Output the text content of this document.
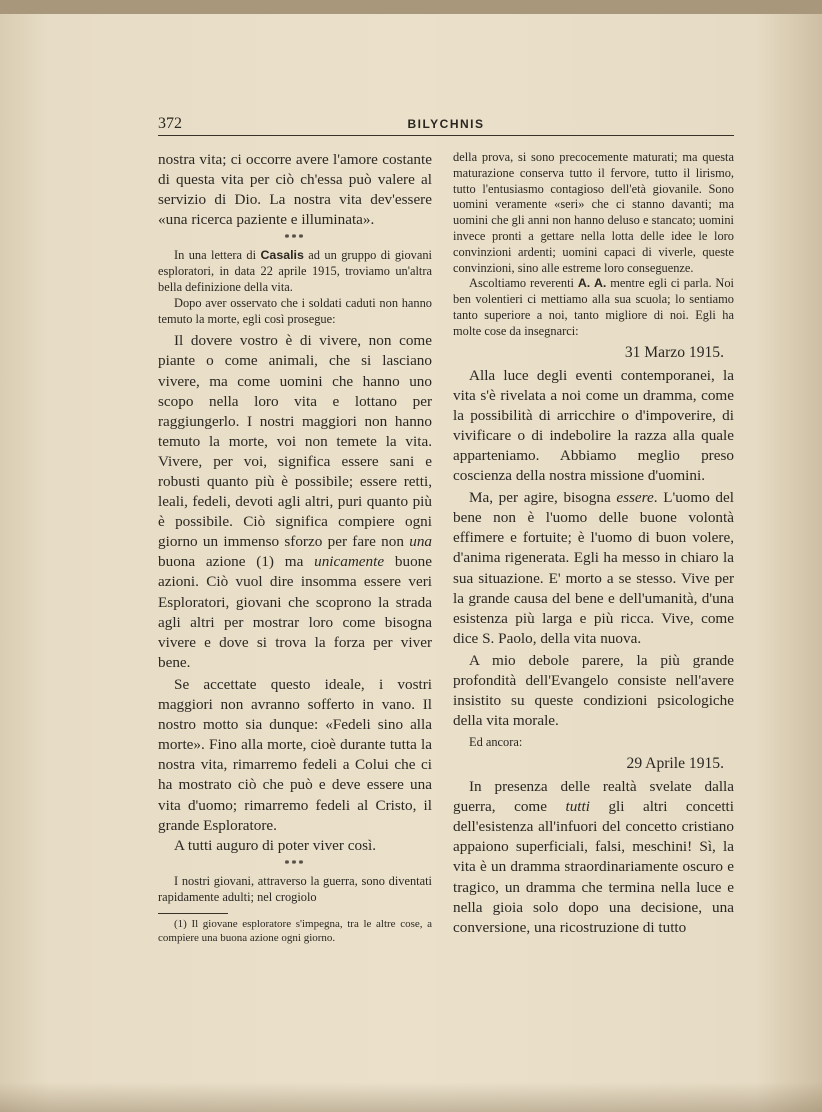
372	BILYCHNIS

nostra vita; ci occorre avere l'amore costante di questa vita per ciò ch'essa può valere al servizio di Dio. La nostra vita dev'essere «una ricerca paziente e illuminata».

***

In una lettera di Casalis ad un gruppo di giovani esploratori, in data 22 aprile 1915, troviamo un'altra bella definizione della vita.

Dopo aver osservato che i soldati caduti non hanno temuto la morte, egli così prosegue:

Il dovere vostro è di vivere, non come piante o come animali, che si lasciano vivere, ma come uomini che hanno uno scopo nella loro vita e lottano per raggiungerlo. I nostri maggiori non hanno temuto la morte, voi non temete la vita. Vivere, per voi, significa essere sani e robusti quanto più è possibile; essere retti, leali, fedeli, devoti agli altri, puri quanto più è possibile. Ciò significa compiere ogni giorno un immenso sforzo per fare non una buona azione (1) ma unicamente buone azioni. Ciò vuol dire insomma essere veri Esploratori, giovani che scoprono la strada agli altri per mostrar loro come bisogna vivere e dove si trova la forza per viver bene.

Se accettate questo ideale, i vostri maggiori non avranno sofferto in vano. Il nostro motto sia dunque: «Fedeli sino alla morte». Fino alla morte, cioè durante tutta la nostra vita, rimarremo fedeli a Colui che ci ha mostrato ciò che può e deve essere una vita d'uomo; rimarremo fedeli al Cristo, il grande Esploratore.

A tutti auguro di poter viver così.

***

I nostri giovani, attraverso la guerra, sono diventati rapidamente adulti; nel crogiolo

(1) Il giovane esploratore s'impegna, tra le altre cose, a compiere una buona azione ogni giorno.

della prova, si sono precocemente maturati; ma questa maturazione conserva tutto il fervore, tutto il lirismo, tutto l'entusiasmo contagioso dell'età giovanile. Sono uomini veramente «seri» che ci stanno davanti; ma uomini che gli anni non hanno deluso e stancato; uomini invece pronti a gettare nella lotta delle idee le loro convinzioni ardenti; uomini capaci di viverle, queste convinzioni, sino alle estreme loro conseguenze.

Ascoltiamo reverenti A. A. mentre egli ci parla. Noi ben volentieri ci mettiamo alla sua scuola; lo sentiamo tanto superiore a noi, tanto migliore di noi. Egli ha molte cose da insegnarci:

31 Marzo 1915.

Alla luce degli eventi contemporanei, la vita s'è rivelata a noi come un dramma, come la possibilità di arricchire o d'impoverire, di vivificare o di indebolire la razza alla quale apparteniamo. Abbiamo meglio preso coscienza della nostra missione d'uomini.

Ma, per agire, bisogna essere. L'uomo del bene non è l'uomo delle buone volontà effimere e fortuite; è l'uomo di buon volere, d'anima rigenerata. Egli ha messo in chiaro la sua situazione. E' morto a se stesso. Vive per la grande causa del bene e dell'umanità, d'una esistenza più larga e più ricca. Vive, come dice S. Paolo, della vita nuova.

A mio debole parere, la più grande profondità dell'Evangelo consiste nell'avere insistito su queste condizioni psicologiche della vita morale.

Ed ancora:

29 Aprile 1915.

In presenza delle realtà svelate dalla guerra, come tutti gli altri concetti dell'esistenza all'infuori del concetto cristiano appaiono superficiali, falsi, meschini! Sì, la vita è un dramma straordinariamente oscuro e tragico, un dramma che termina nella luce e nella gioia solo dopo una decisione, una conversione, una ricostruzione di tutto
